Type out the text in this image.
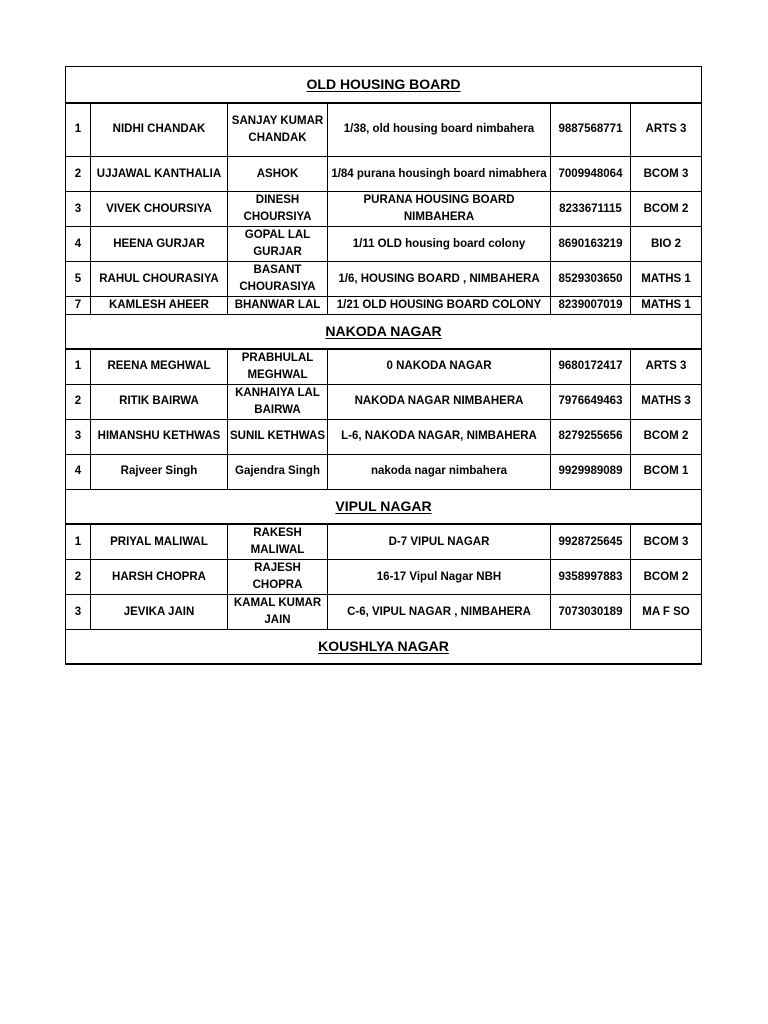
OLD HOUSING BOARD					
1	NIDHI CHANDAK	SANJAY KUMAR CHANDAK	1/38, old housing board nimbahera	9887568771	ARTS 3
2	UJJAWAL KANTHALIA	ASHOK	1/84 purana housingh board nimabhera	7009948064	BCOM 3
3	VIVEK CHOURSIYA	DINESH CHOURSIYA	PURANA HOUSING BOARD NIMBAHERA	8233671115	BCOM 2
4	HEENA GURJAR	GOPAL LAL GURJAR	1/11 OLD housing board colony	8690163219	BIO 2
5	RAHUL CHOURASIYA	BASANT CHOURASIYA	1/6, HOUSING BOARD , NIMBAHERA	8529303650	MATHS 1
7	KAMLESH AHEER	BHANWAR LAL	1/21 OLD HOUSING BOARD COLONY	8239007019	MATHS 1
NAKODA NAGAR					
1	REENA MEGHWAL	PRABHULAL MEGHWAL	0 NAKODA NAGAR	9680172417	ARTS 3
2	RITIK BAIRWA	KANHAIYA LAL BAIRWA	NAKODA NAGAR NIMBAHERA	7976649463	MATHS 3
3	HIMANSHU KETHWAS	SUNIL KETHWAS	L-6, NAKODA NAGAR, NIMBAHERA	8279255656	BCOM 2
4	Rajveer Singh	Gajendra Singh	nakoda nagar nimbahera	9929989089	BCOM 1
VIPUL NAGAR					
1	PRIYAL MALIWAL	RAKESH MALIWAL	D-7 VIPUL NAGAR	9928725645	BCOM 3
2	HARSH CHOPRA	RAJESH CHOPRA	16-17 Vipul Nagar NBH	9358997883	BCOM 2
3	JEVIKA JAIN	KAMAL KUMAR JAIN	C-6, VIPUL NAGAR , NIMBAHERA	7073030189	MA F SO
KOUSHLYA NAGAR					
